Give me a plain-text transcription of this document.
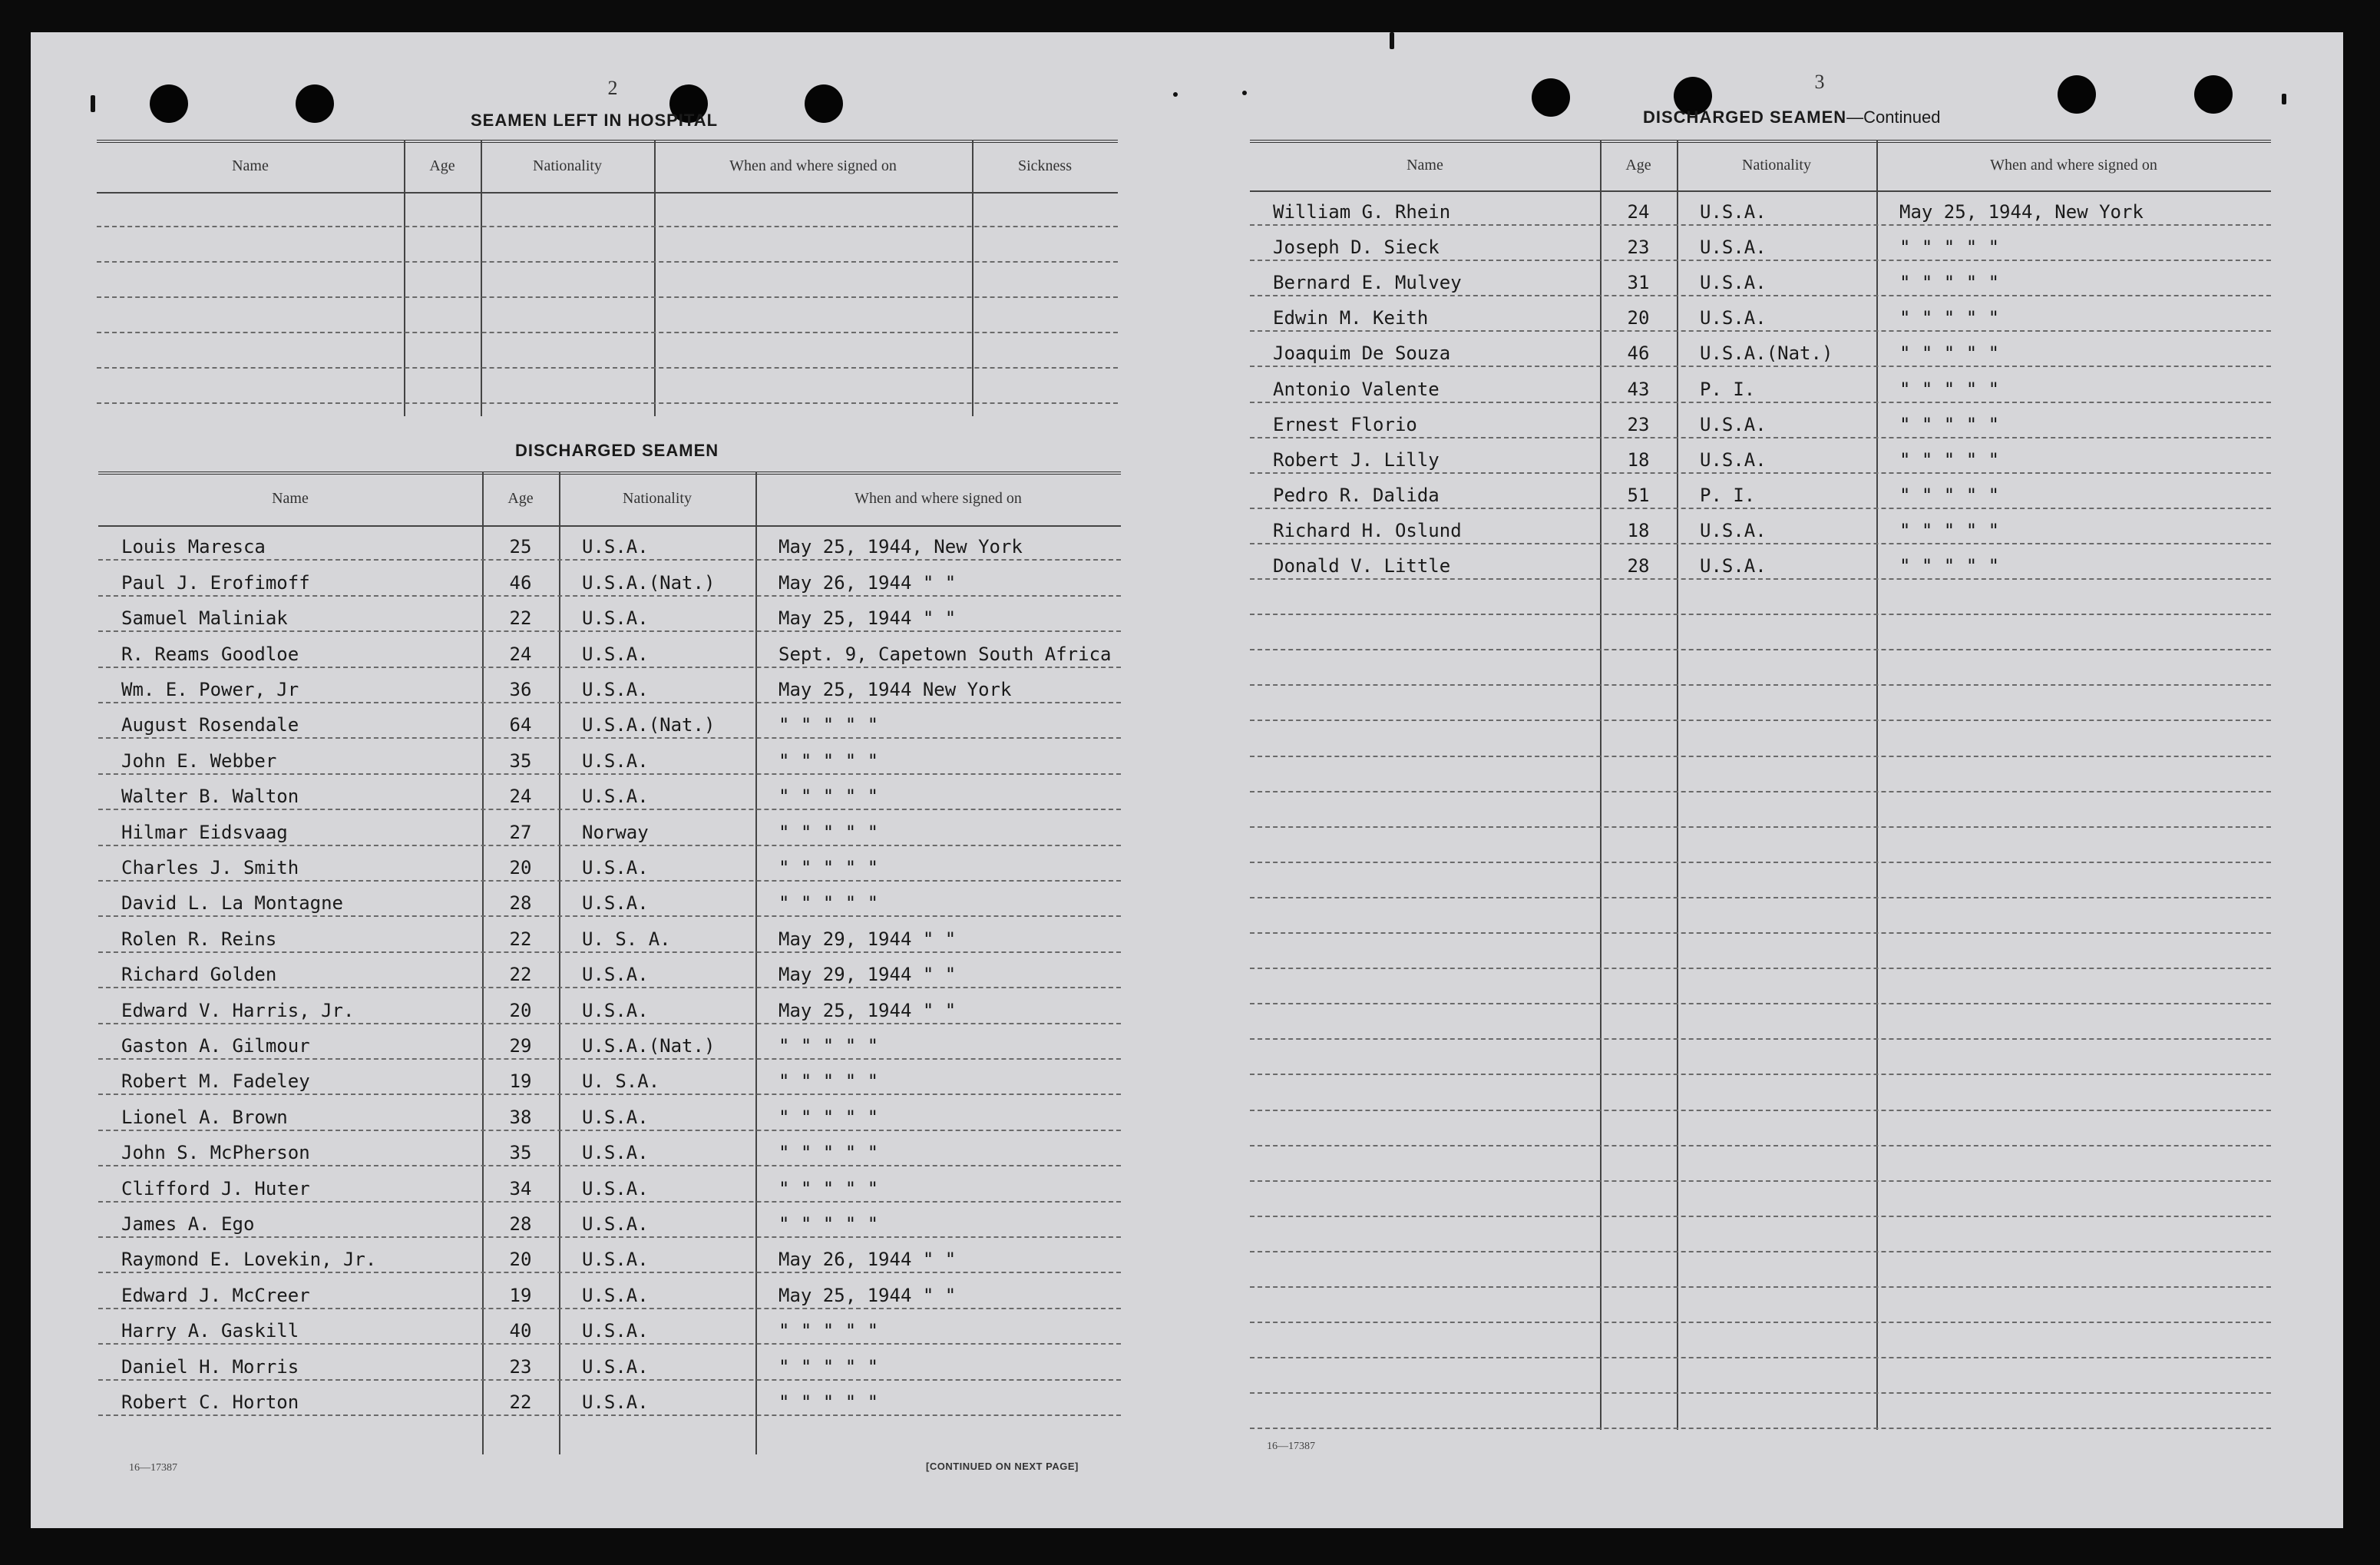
2
SEAMEN LEFT IN HOSPITAL
Name	Age	Nationality	When and where signed on	Sickness
DISCHARGED SEAMEN
Name	Age	Nationality	When and where signed on
Louis Maresca	25	U.S.A.	May 25, 1944, New York
Paul J. Erofimoff	46	U.S.A.(Nat.)	May 26, 1944 " "
Samuel Maliniak	22	U.S.A.	May 25, 1944 " "
R. Reams Goodloe	24	U.S.A.	Sept. 9, Capetown South Africa
Wm. E. Power, Jr	36	U.S.A.	May 25, 1944 New York
August Rosendale	64	U.S.A.(Nat.)	" " " " "
John E. Webber	35	U.S.A.	" " " " "
Walter B. Walton	24	U.S.A.	" " " " "
Hilmar Eidsvaag	27	Norway	" " " " "
Charles J. Smith	20	U.S.A.	" " " " "
David L. La Montagne	28	U.S.A.	" " " " "
Rolen R. Reins	22	U. S. A.	May 29, 1944 " "
Richard Golden	22	U.S.A.	May 29, 1944 " "
Edward V. Harris, Jr.	20	U.S.A.	May 25, 1944 " "
Gaston A. Gilmour	29	U.S.A.(Nat.)	" " " " "
Robert M. Fadeley	19	U. S.A.	" " " " "
Lionel A. Brown	38	U.S.A.	" " " " "
John S. McPherson	35	U.S.A.	" " " " "
Clifford J. Huter	34	U.S.A.	" " " " "
James A. Ego	28	U.S.A.	" " " " "
Raymond E. Lovekin, Jr.	20	U.S.A.	May 26, 1944 " "
Edward J. McCreer	19	U.S.A.	May 25, 1944 " "
Harry A. Gaskill	40	U.S.A.	" " " " "
Daniel H. Morris	23	U.S.A.	" " " " "
Robert C. Horton	22	U.S.A.	" " " " "
16—17387	[CONTINUED ON NEXT PAGE]
3
DISCHARGED SEAMEN—Continued
Name	Age	Nationality	When and where signed on
William G. Rhein	24	U.S.A.	May 25, 1944, New York
Joseph D. Sieck	23	U.S.A.	" " " " "
Bernard E. Mulvey	31	U.S.A.	" " " " "
Edwin M. Keith	20	U.S.A.	" " " " "
Joaquim De Souza	46	U.S.A.(Nat.)	" " " " "
Antonio Valente	43	P. I.	" " " " "
Ernest Florio	23	U.S.A.	" " " " "
Robert J. Lilly	18	U.S.A.	" " " " "
Pedro R. Dalida	51	P. I.	" " " " "
Richard H. Oslund	18	U.S.A.	" " " " "
Donald V. Little	28	U.S.A.	" " " " "
16—17387
